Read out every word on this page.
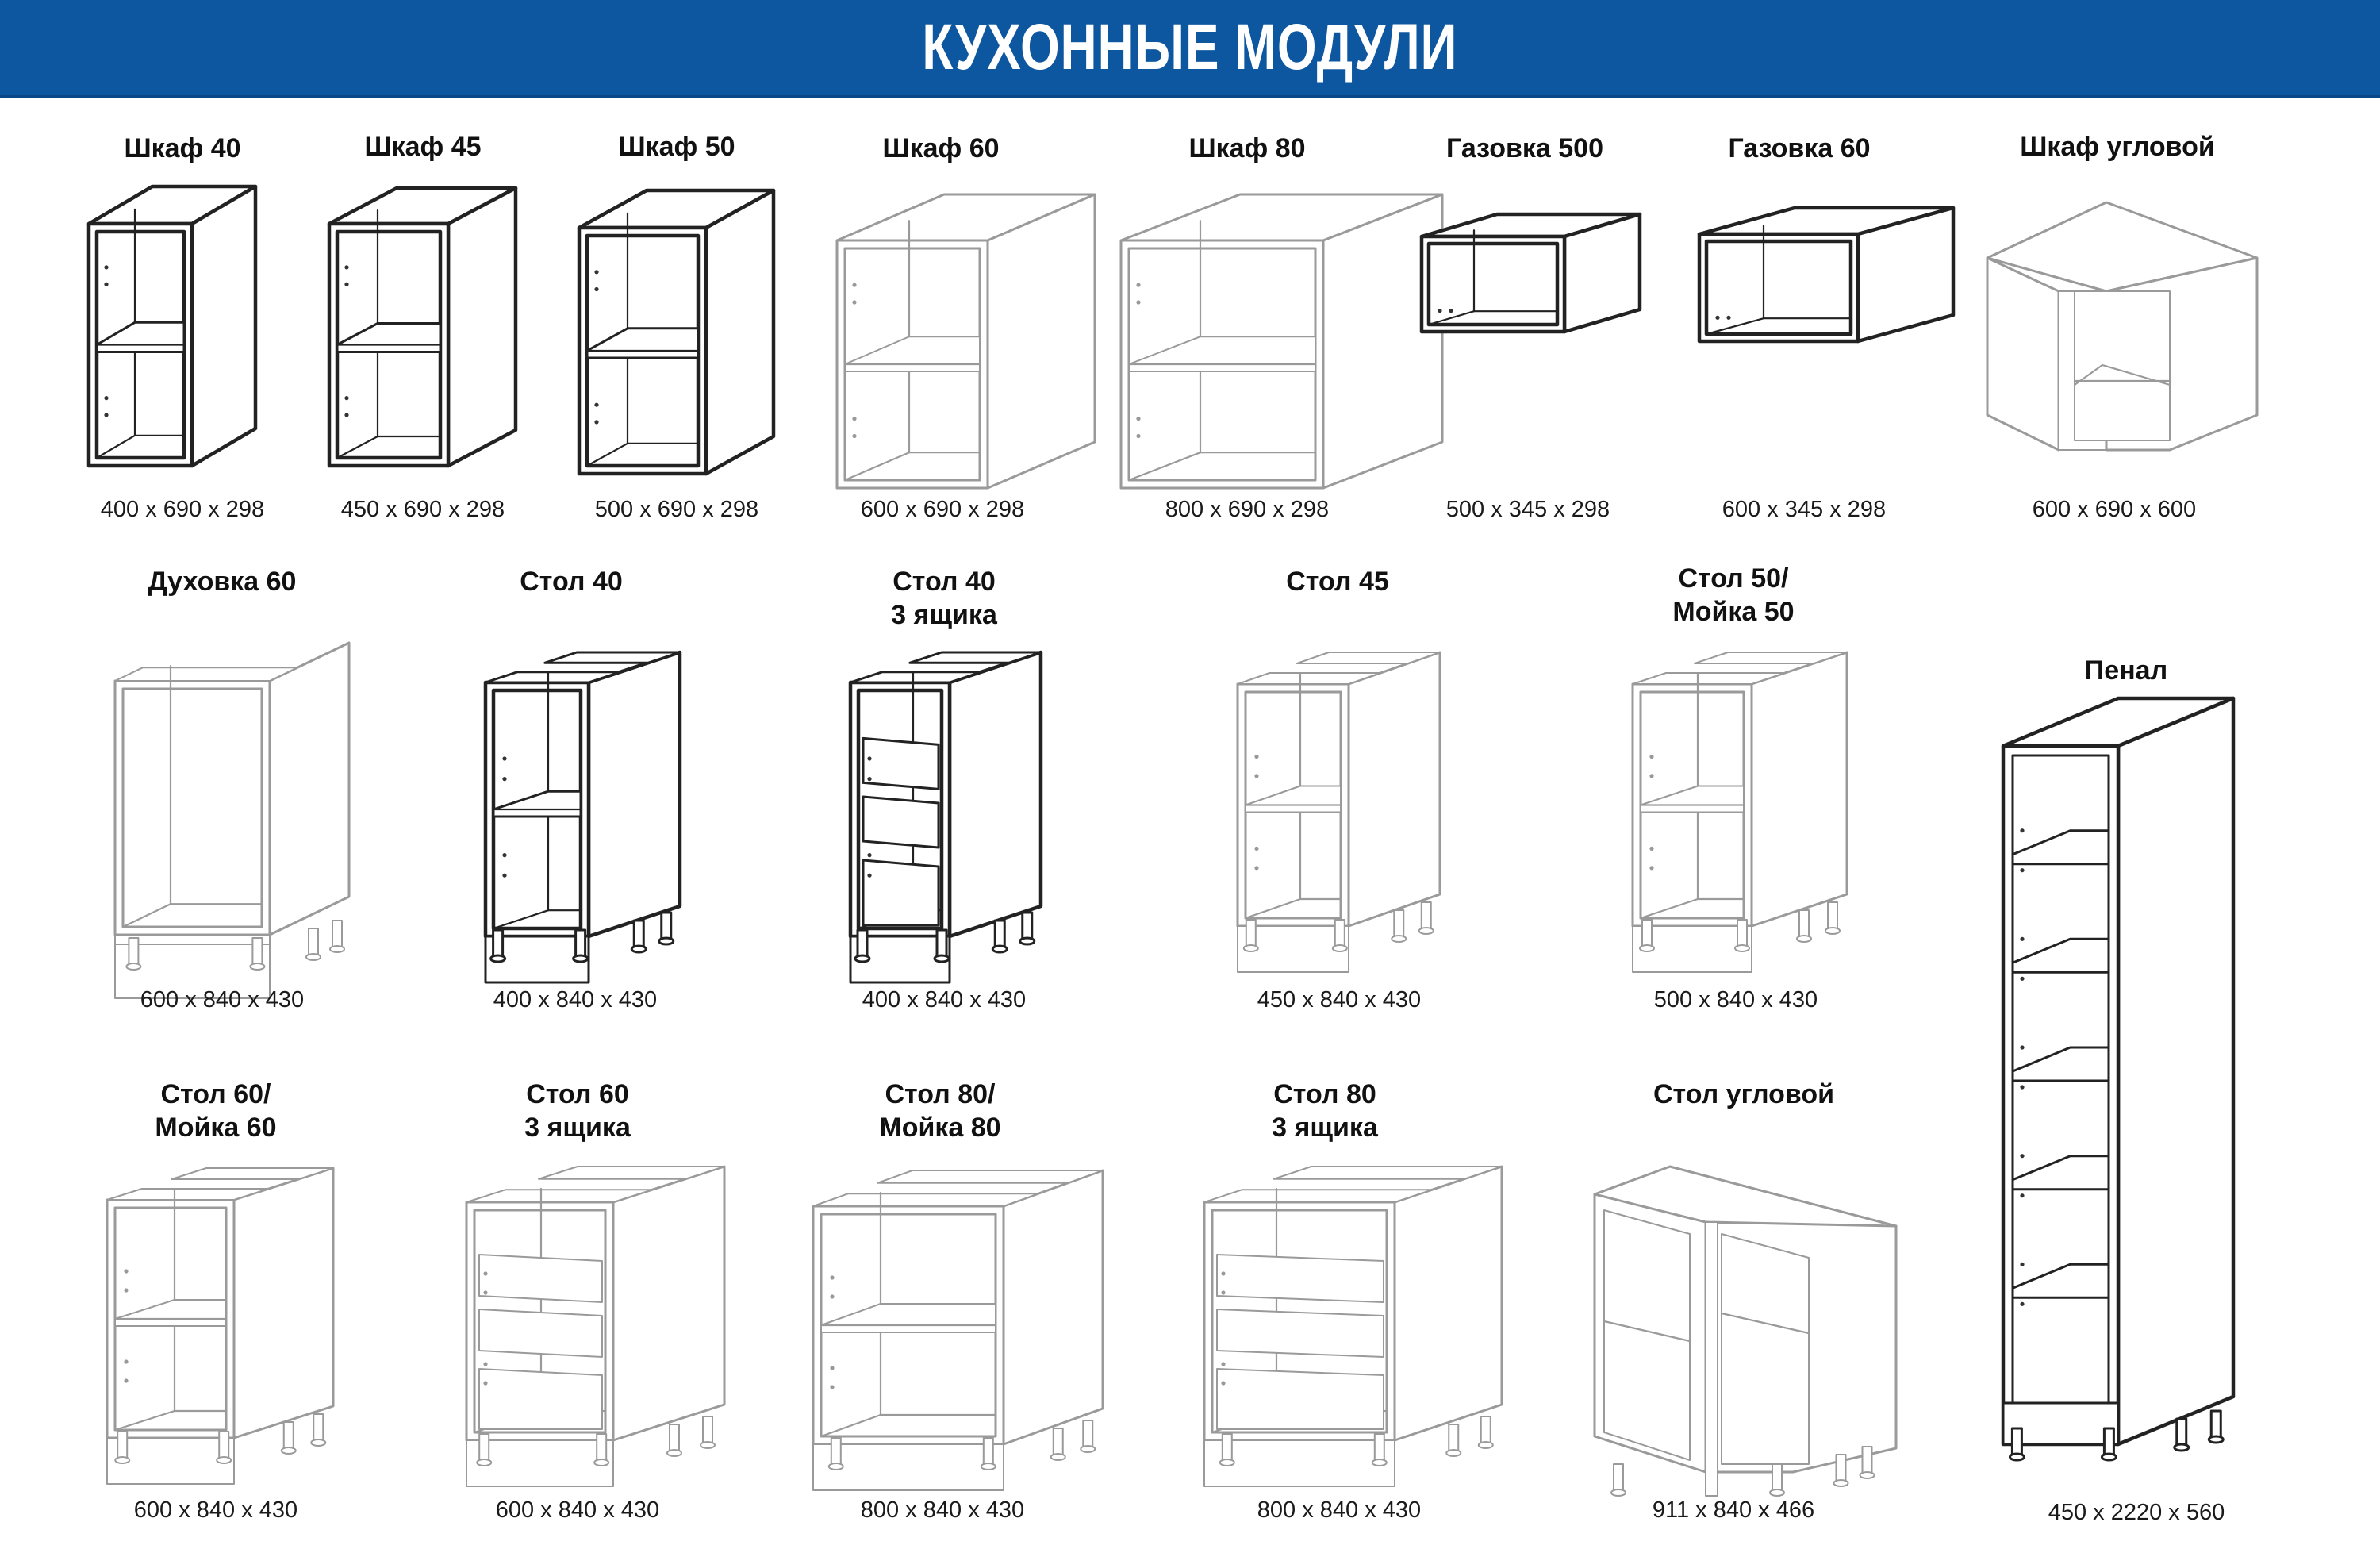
КУХОННЫЕ МОДУЛИ
Шкаф 40
400 х 690 х 298
Шкаф 45
450 х 690 х 298
Шкаф 50
500 х 690 х 298
Шкаф 60
600 х 690 х 298
Шкаф 80
800 х 690 х 298
Газовка 500
500 х 345 х 298
Газовка 60
600 х 345 х 298
Шкаф угловой
600 х 690 х 600
Духовка 60
600 х 840 х 430
Стол 40
400 х 840 х 430
Стол 40
3 ящика
400 х 840 х 430
Стол 45
450 х 840 х 430
Стол 50/
Мойка 50
500 х 840 х 430
Стол 60/
Мойка 60
600 х 840 х 430
Стол 60
3 ящика
600 х 840 х 430
Стол 80/
Мойка 80
800 х 840 х 430
Стол 80
3 ящика
800 х 840 х 430
Стол угловой
911 х 840 х 466
Пенал
450 х 2220 х 560
